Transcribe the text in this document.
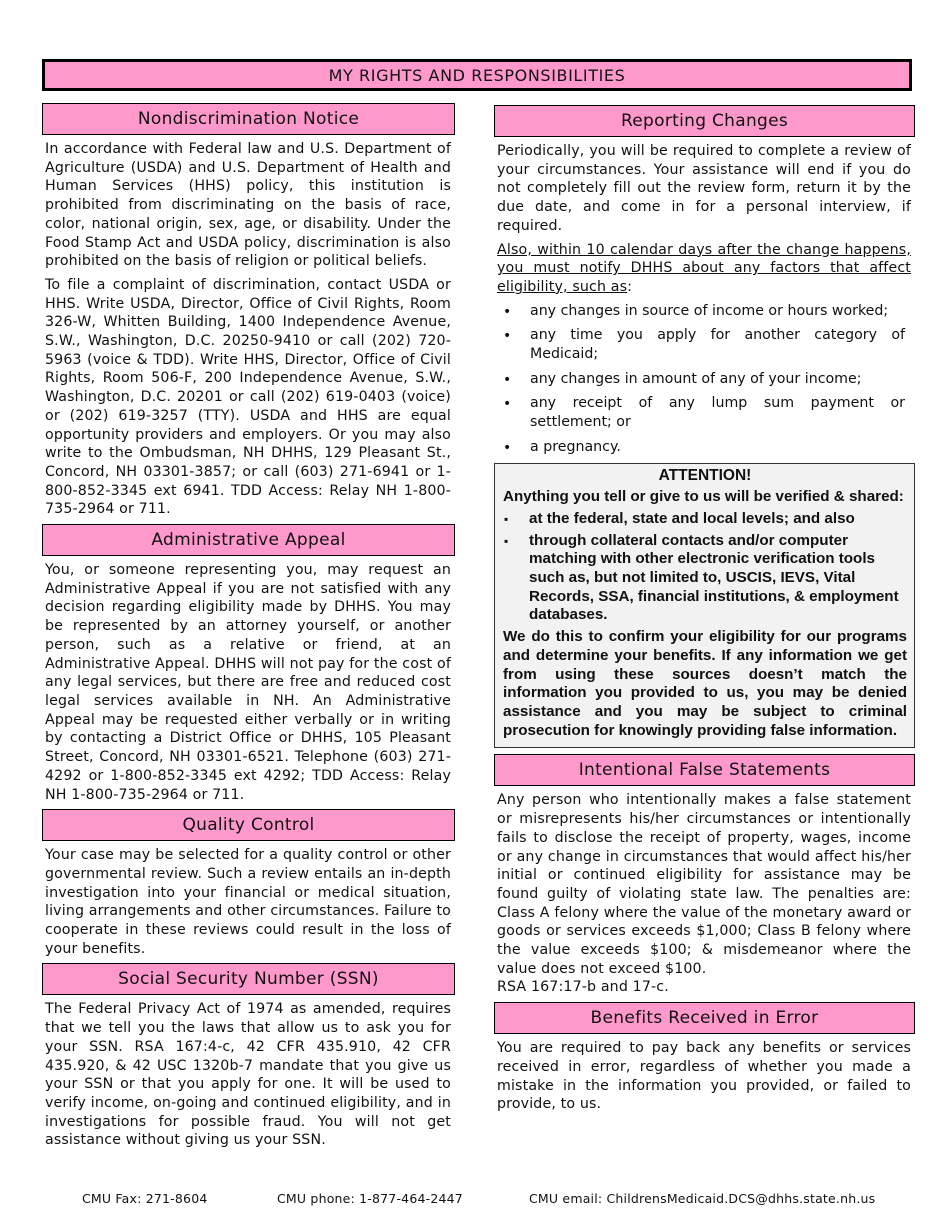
MY RIGHTS AND RESPONSIBILITIES
Nondiscrimination Notice

In accordance with Federal law and U.S. Department of Agriculture (USDA) and U.S. Department of Health and Human Services (HHS) policy, this institution is prohibited from discriminating on the basis of race, color, national origin, sex, age, or disability. Under the Food Stamp Act and USDA policy, discrimination is also prohibited on the basis of religion or political beliefs.

To file a complaint of discrimination, contact USDA or HHS. Write USDA, Director, Office of Civil Rights, Room 326-W, Whitten Building, 1400 Independence Avenue, S.W., Washington, D.C. 20250-9410 or call (202) 720-5963 (voice & TDD). Write HHS, Director, Office of Civil Rights, Room 506-F, 200 Independence Avenue, S.W., Washington, D.C. 20201 or call (202) 619-0403 (voice) or (202) 619-3257 (TTY). USDA and HHS are equal opportunity providers and employers. Or you may also write to the Ombudsman, NH DHHS, 129 Pleasant St., Concord, NH 03301-3857; or call (603) 271-6941 or 1-800-852-3345 ext 6941. TDD Access: Relay NH 1-800-735-2964 or 711.

Administrative Appeal

You, or someone representing you, may request an Administrative Appeal if you are not satisfied with any decision regarding eligibility made by DHHS. You may be represented by an attorney yourself, or another person, such as a relative or friend, at an Administrative Appeal. DHHS will not pay for the cost of any legal services, but there are free and reduced cost legal services available in NH. An Administrative Appeal may be requested either verbally or in writing by contacting a District Office or DHHS, 105 Pleasant Street, Concord, NH 03301-6521. Telephone (603) 271-4292 or 1-800-852-3345 ext 4292; TDD Access: Relay NH 1-800-735-2964 or 711.

Quality Control

Your case may be selected for a quality control or other governmental review. Such a review entails an in-depth investigation into your financial or medical situation, living arrangements and other circumstances. Failure to cooperate in these reviews could result in the loss of your benefits.

Social Security Number (SSN)

The Federal Privacy Act of 1974 as amended, requires that we tell you the laws that allow us to ask you for your SSN. RSA 167:4-c, 42 CFR 435.910, 42 CFR 435.920, & 42 USC 1320b-7 mandate that you give us your SSN or that you apply for one. It will be used to verify income, on-going and continued eligibility, and in investigations for possible fraud. You will not get assistance without giving us your SSN.

Reporting Changes

Periodically, you will be required to complete a review of your circumstances. Your assistance will end if you do not completely fill out the review form, return it by the due date, and come in for a personal interview, if required.

Also, within 10 calendar days after the change happens, you must notify DHHS about any factors that affect eligibility, such as:

• any changes in source of income or hours worked;
• any time you apply for another category of Medicaid;
• any changes in amount of any of your income;
• any receipt of any lump sum payment or settlement; or
• a pregnancy.
ATTENTION!

Anything you tell or give to us will be verified & shared:

▪ at the federal, state and local levels; and also
▪ through collateral contacts and/or computer matching with other electronic verification tools such as, but not limited to, USCIS, IEVS, Vital Records, SSA, financial institutions, & employment databases.

We do this to confirm your eligibility for our programs and determine your benefits. If any information we get from using these sources doesn’t match the information you provided to us, you may be denied assistance and you may be subject to criminal prosecution for knowingly providing false information.

Intentional False Statements

Any person who intentionally makes a false statement or misrepresents his/her circumstances or intentionally fails to disclose the receipt of property, wages, income or any change in circumstances that would affect his/her initial or continued eligibility for assistance may be found guilty of violating state law. The penalties are: Class A felony where the value of the monetary award or goods or services exceeds $1,000; Class B felony where the value exceeds $100; & misdemeanor where the value does not exceed $100.

RSA 167:17-b and 17-c.

Benefits Received in Error

You are required to pay back any benefits or services received in error, regardless of whether you made a mistake in the information you provided, or failed to provide, to us.

CMU Fax: 271-8604	CMU phone: 1-877-464-2447	CMU email: ChildrensMedicaid.DCS@dhhs.state.nh.us
